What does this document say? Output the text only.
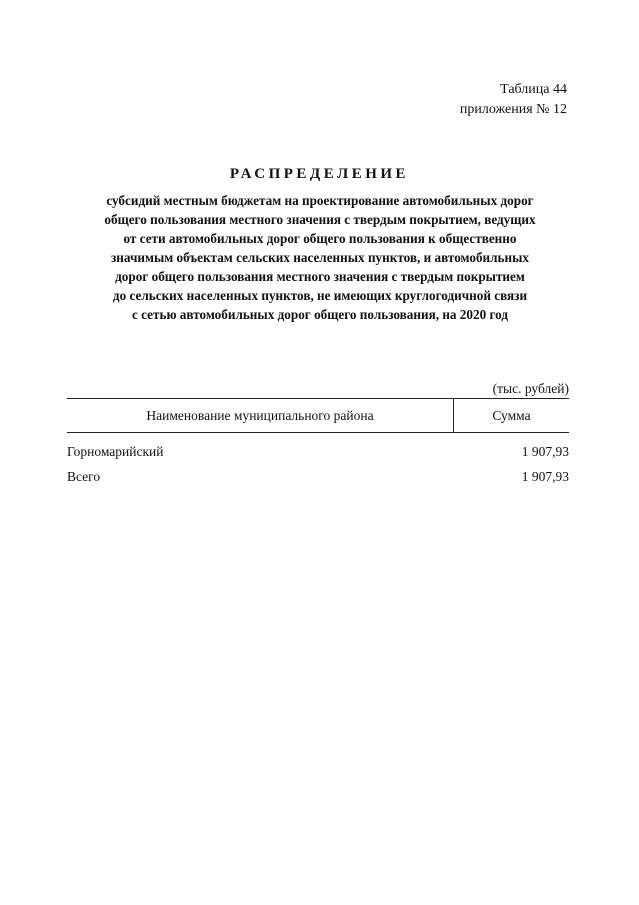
Таблица 44
приложения № 12
РАСПРЕДЕЛЕНИЕ
субсидий местным бюджетам на проектирование автомобильных дорог
общего пользования местного значения с твердым покрытием, ведущих
от сети автомобильных дорог общего пользования к общественно
значимым объектам сельских населенных пунктов, и автомобильных
дорог общего пользования местного значения с твердым покрытием
до сельских населенных пунктов, не имеющих круглогодичной связи
с сетью автомобильных дорог общего пользования, на 2020 год
(тыс. рублей)
Наименование муниципального района	Сумма
Горномарийский	1 907,93
Всего	1 907,93
